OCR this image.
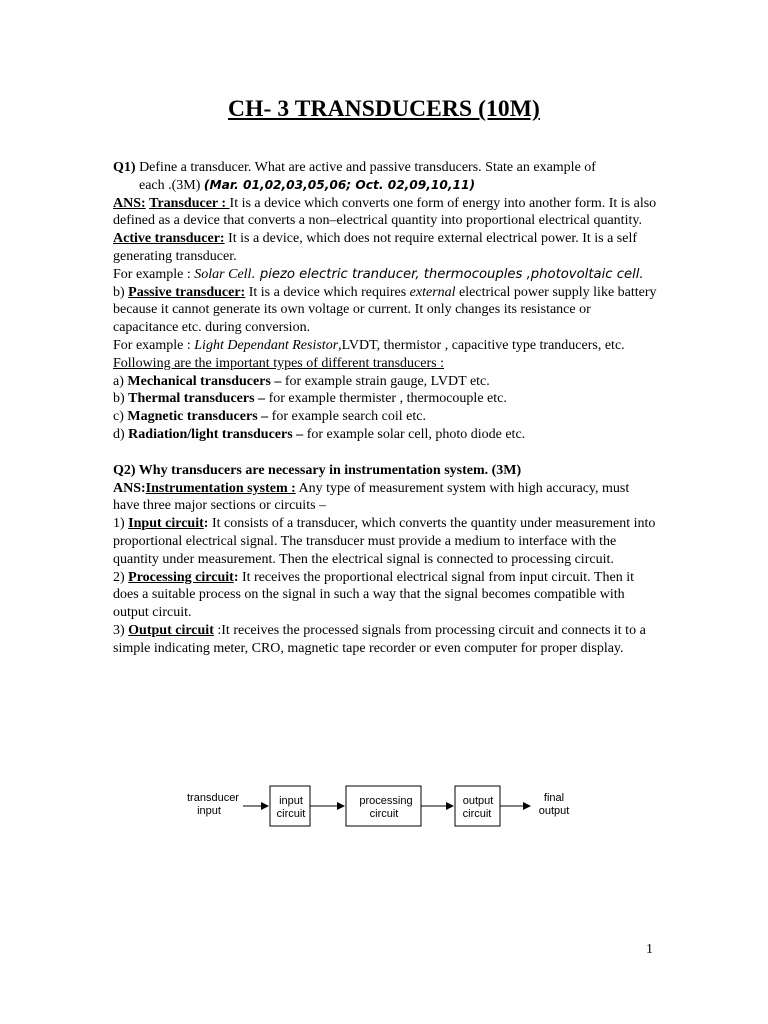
CH- 3 TRANSDUCERS (10M)

Q1) Define a transducer. What are active and passive transducers. State an example of

each .(3M) (Mar. 01,02,03,05,06; Oct. 02,09,10,11)

ANS: Transducer : It is a device which converts one form of energy into another form. It is also defined as a device that converts a non–electrical quantity into proportional electrical quantity.

Active transducer: It is a device, which does not require external electrical power. It is a self generating transducer.

For example : Solar Cell. piezo electric tranducer, thermocouples ,photovoltaic cell.

b) Passive transducer: It is a device which requires external electrical power supply like battery because it cannot generate its own voltage or current. It only changes its resistance or capacitance etc. during conversion.

For example : Light Dependant Resistor,LVDT, thermistor , capacitive type tranducers, etc.

Following are the important types of different transducers :

a) Mechanical transducers – for example strain gauge, LVDT etc.

b) Thermal transducers – for example thermister , thermocouple etc.

c) Magnetic transducers – for example search coil etc.

d) Radiation/light transducers – for example solar cell, photo diode etc.

Q2) Why transducers are necessary in instrumentation system. (3M)

ANS:Instrumentation system : Any type of measurement system with high accuracy, must have three major sections or circuits –

1) Input circuit: It consists of a transducer, which converts the quantity under measurement into proportional electrical signal. The transducer must provide a medium to interface with the quantity under measurement. Then the electrical signal is connected to processing circuit.

2) Processing circuit: It receives the proportional electrical signal from input circuit. Then it does a suitable process on the signal in such a way that the signal becomes compatible with output circuit.

3) Output circuit :It receives the processed signals from processing circuit and connects it to a simple indicating meter, CRO, magnetic tape recorder or even computer for proper display.

transducer
input
input
circuit
processing
circuit
output
circuit
final
output
1
